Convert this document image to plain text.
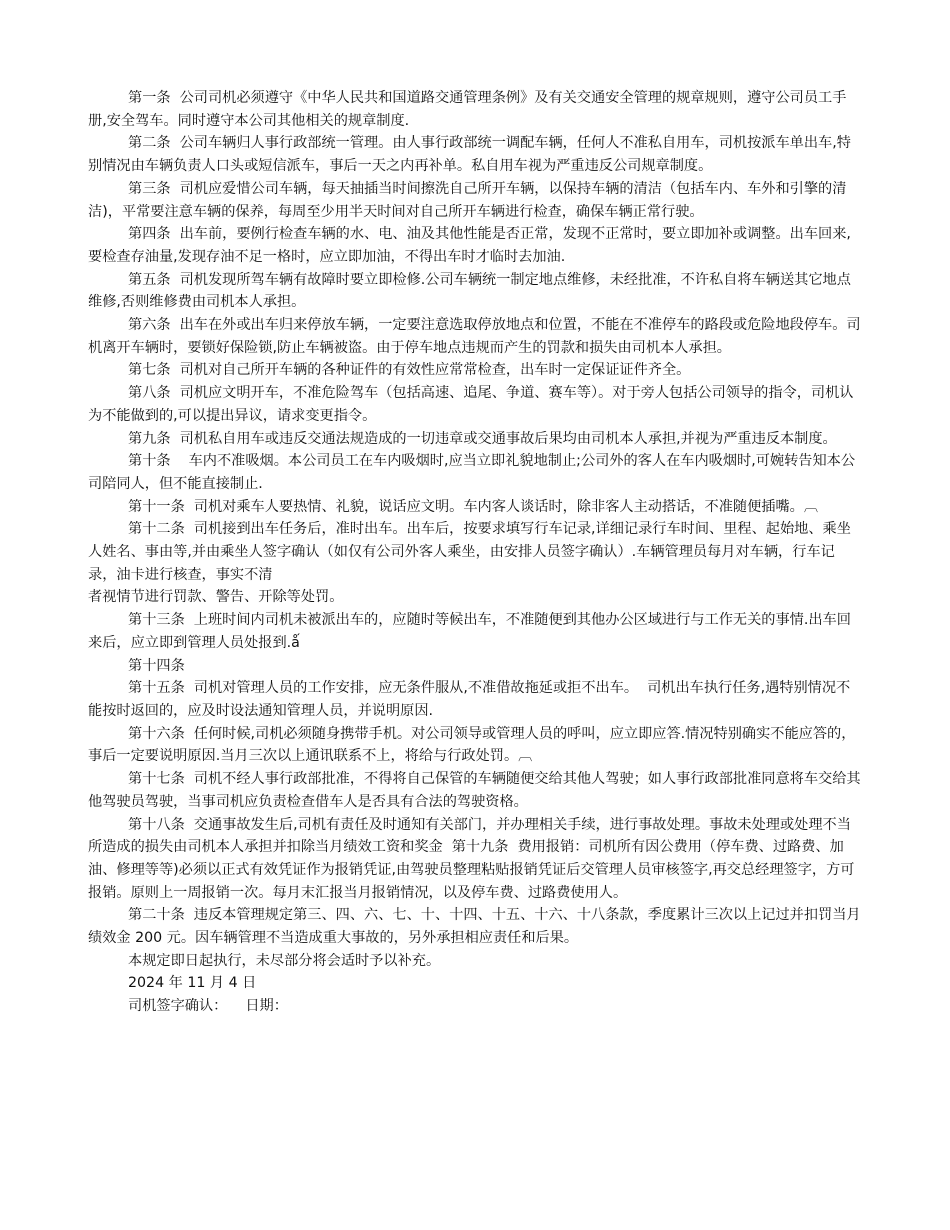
第一条  公司司机必须遵守《中华人民共和国道路交通管理条例》及有关交通安全管理的规章规则，遵守公司员工手册,安全驾车。同时遵守本公司其他相关的规章制度.

第二条  公司车辆归人事行政部统一管理。由人事行政部统一调配车辆，任何人不准私自用车，司机按派车单出车,特别情况由车辆负责人口头或短信派车，事后一天之内再补单。私自用车视为严重违反公司规章制度。

第三条  司机应爱惜公司车辆，每天抽插当时间擦洗自己所开车辆，以保持车辆的清洁（包括车内、车外和引擎的清洁)，平常要注意车辆的保养，每周至少用半天时间对自己所开车辆进行检查，确保车辆正常行驶。

第四条  出车前，要例行检查车辆的水、电、油及其他性能是否正常，发现不正常时，要立即加补或调整。出车回来,要检查存油量,发现存油不足一格时，应立即加油，不得出车时才临时去加油.

第五条  司机发现所驾车辆有故障时要立即检修.公司车辆统一制定地点维修，未经批准，不许私自将车辆送其它地点维修,否则维修费由司机本人承担。

第六条  出车在外或出车归来停放车辆，一定要注意选取停放地点和位置，不能在不准停车的路段或危险地段停车。司机离开车辆时，要锁好保险锁,防止车辆被盗。由于停车地点违规而产生的罚款和损失由司机本人承担。

第七条  司机对自己所开车辆的各种证件的有效性应常常检查，出车时一定保证证件齐全。

第八条  司机应文明开车，不准危险驾车（包括高速、追尾、争道、赛车等）。对于旁人包括公司领导的指令，司机认为不能做到的,可以提出异议，请求变更指令。

第九条  司机私自用车或违反交通法规造成的一切违章或交通事故后果均由司机本人承担,并视为严重违反本制度。

第十条    车内不准吸烟。本公司员工在车内吸烟时,应当立即礼貌地制止;公司外的客人在车内吸烟时,可婉转告知本公司陪同人，但不能直接制止.

第十一条  司机对乘车人要热情、礼貌，说话应文明。车内客人谈话时，除非客人主动搭话，不准随便插嘴。︹

第十二条  司机接到出车任务后，准时出车。出车后，按要求填写行车记录,详细记录行车时间、里程、起始地、乘坐人姓名、事由等,并由乘坐人签字确认（如仅有公司外客人乘坐，由安排人员签字确认）.车辆管理员每月对车辆，行车记录，油卡进行核查，事实不清

者视情节进行罚款、警告、开除等处罚。

第十三条  上班时间内司机未被派出车的，应随时等候出车，不准随便到其他办公区域进行与工作无关的事情.出车回来后，应立即到管理人员处报到.ǻ

第十四条

第十五条  司机对管理人员的工作安排，应无条件服从,不准借故拖延或拒不出车。  司机出车执行任务,遇特别情况不能按时返回的，应及时设法通知管理人员，并说明原因.

第十六条  任何时候,司机必须随身携带手机。对公司领导或管理人员的呼叫，应立即应答.情况特别确实不能应答的，事后一定要说明原因.当月三次以上通讯联系不上，将给与行政处罚。︹

第十七条  司机不经人事行政部批准，不得将自己保管的车辆随便交给其他人驾驶；如人事行政部批准同意将车交给其他驾驶员驾驶，当事司机应负责检查借车人是否具有合法的驾驶资格。

第十八条  交通事故发生后,司机有责任及时通知有关部门，并办理相关手续，进行事故处理。事故未处理或处理不当所造成的损失由司机本人承担并扣除当月绩效工资和奖金  第十九条  费用报销：司机所有因公费用（停车费、过路费、加油、修理等等)必须以正式有效凭证作为报销凭证,由驾驶员整理粘贴报销凭证后交管理人员审核签字,再交总经理签字，方可报销。原则上一周报销一次。每月末汇报当月报销情况，以及停车费、过路费使用人。

第二十条  违反本管理规定第三、四、六、七、十、十四、十五、十六、十八条款，季度累计三次以上记过并扣罚当月绩效金 200 元。因车辆管理不当造成重大事故的，另外承担相应责任和后果。

本规定即日起执行，未尽部分将会适时予以补充。

2024 年 11 月 4 日

司机签字确认：    日期：
